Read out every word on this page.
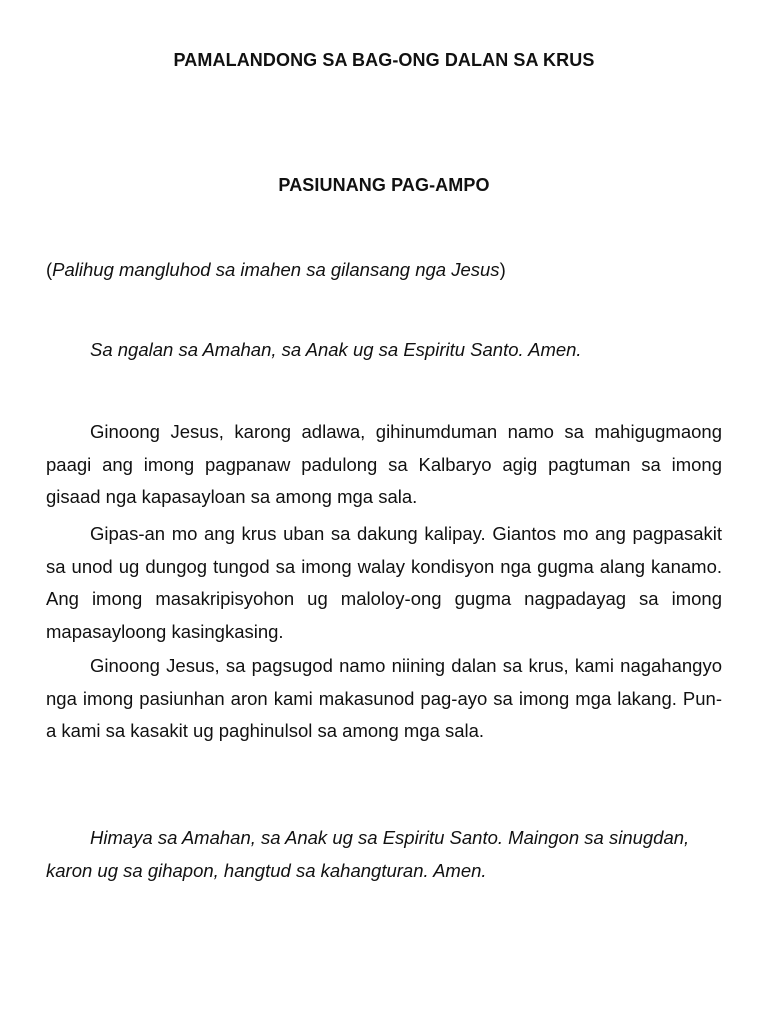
PAMALANDONG SA BAG-ONG DALAN SA KRUS
PASIUNANG PAG-AMPO

(Palihug mangluhod sa imahen sa gilansang nga Jesus)

Sa ngalan sa Amahan, sa Anak ug sa Espiritu Santo. Amen.

Ginoong Jesus, karong adlawa, gihinumduman namo sa mahigugmaong paagi ang imong pagpanaw padulong sa Kalbaryo agig pagtuman sa imong gisaad nga kapasayloan sa among mga sala.

Gipas-an mo ang krus uban sa dakung kalipay. Giantos mo ang pagpasakit sa unod ug dungog tungod sa imong walay kondisyon nga gugma alang kanamo. Ang imong masakripisyohon ug maloloy-ong gugma nagpadayag sa imong mapasayloong kasingkasing.

Ginoong Jesus, sa pagsugod namo niining dalan sa krus, kami nagahangyo nga imong pasiunhan aron kami makasunod pag-ayo sa imong mga lakang. Pun-a kami sa kasakit ug paghinulsol sa among mga sala.

Himaya sa Amahan, sa Anak ug sa Espiritu Santo. Maingon sa sinugdan, karon ug sa gihapon, hangtud sa kahangturan. Amen.
